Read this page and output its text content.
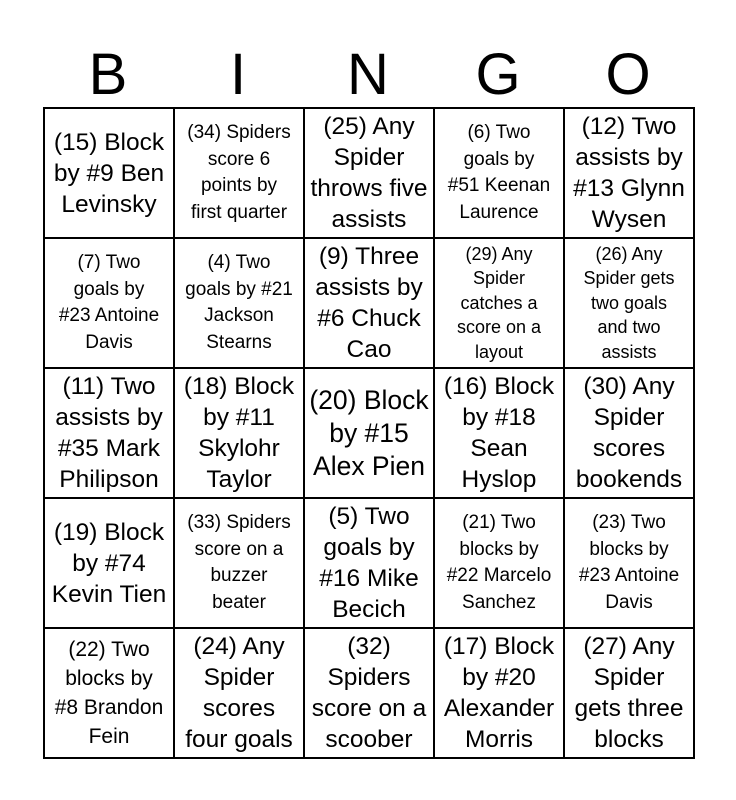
B	I	N	G	O
(15) Block
by #9 Ben
Levinsky
(34) Spiders
score 6
points by
first quarter
(25) Any
Spider
throws five
assists
(6) Two
goals by
#51 Keenan
Laurence
(12) Two
assists by
#13 Glynn
Wysen
(7) Two
goals by
#23 Antoine
Davis
(4) Two
goals by #21
Jackson
Stearns
(9) Three
assists by
#6 Chuck
Cao
(29) Any
Spider
catches a
score on a
layout
(26) Any
Spider gets
two goals
and two
assists
(11) Two
assists by
#35 Mark
Philipson
(18) Block
by #11
Skylohr
Taylor
(20) Block
by #15
Alex Pien
(16) Block
by #18
Sean
Hyslop
(30) Any
Spider
scores
bookends
(19) Block
by #74
Kevin Tien
(33) Spiders
score on a
buzzer
beater
(5) Two
goals by
#16 Mike
Becich
(21) Two
blocks by
#22 Marcelo
Sanchez
(23) Two
blocks by
#23 Antoine
Davis
(22) Two
blocks by
#8 Brandon
Fein
(24) Any
Spider
scores
four goals
(32)
Spiders
score on a
scoober
(17) Block
by #20
Alexander
Morris
(27) Any
Spider
gets three
blocks
